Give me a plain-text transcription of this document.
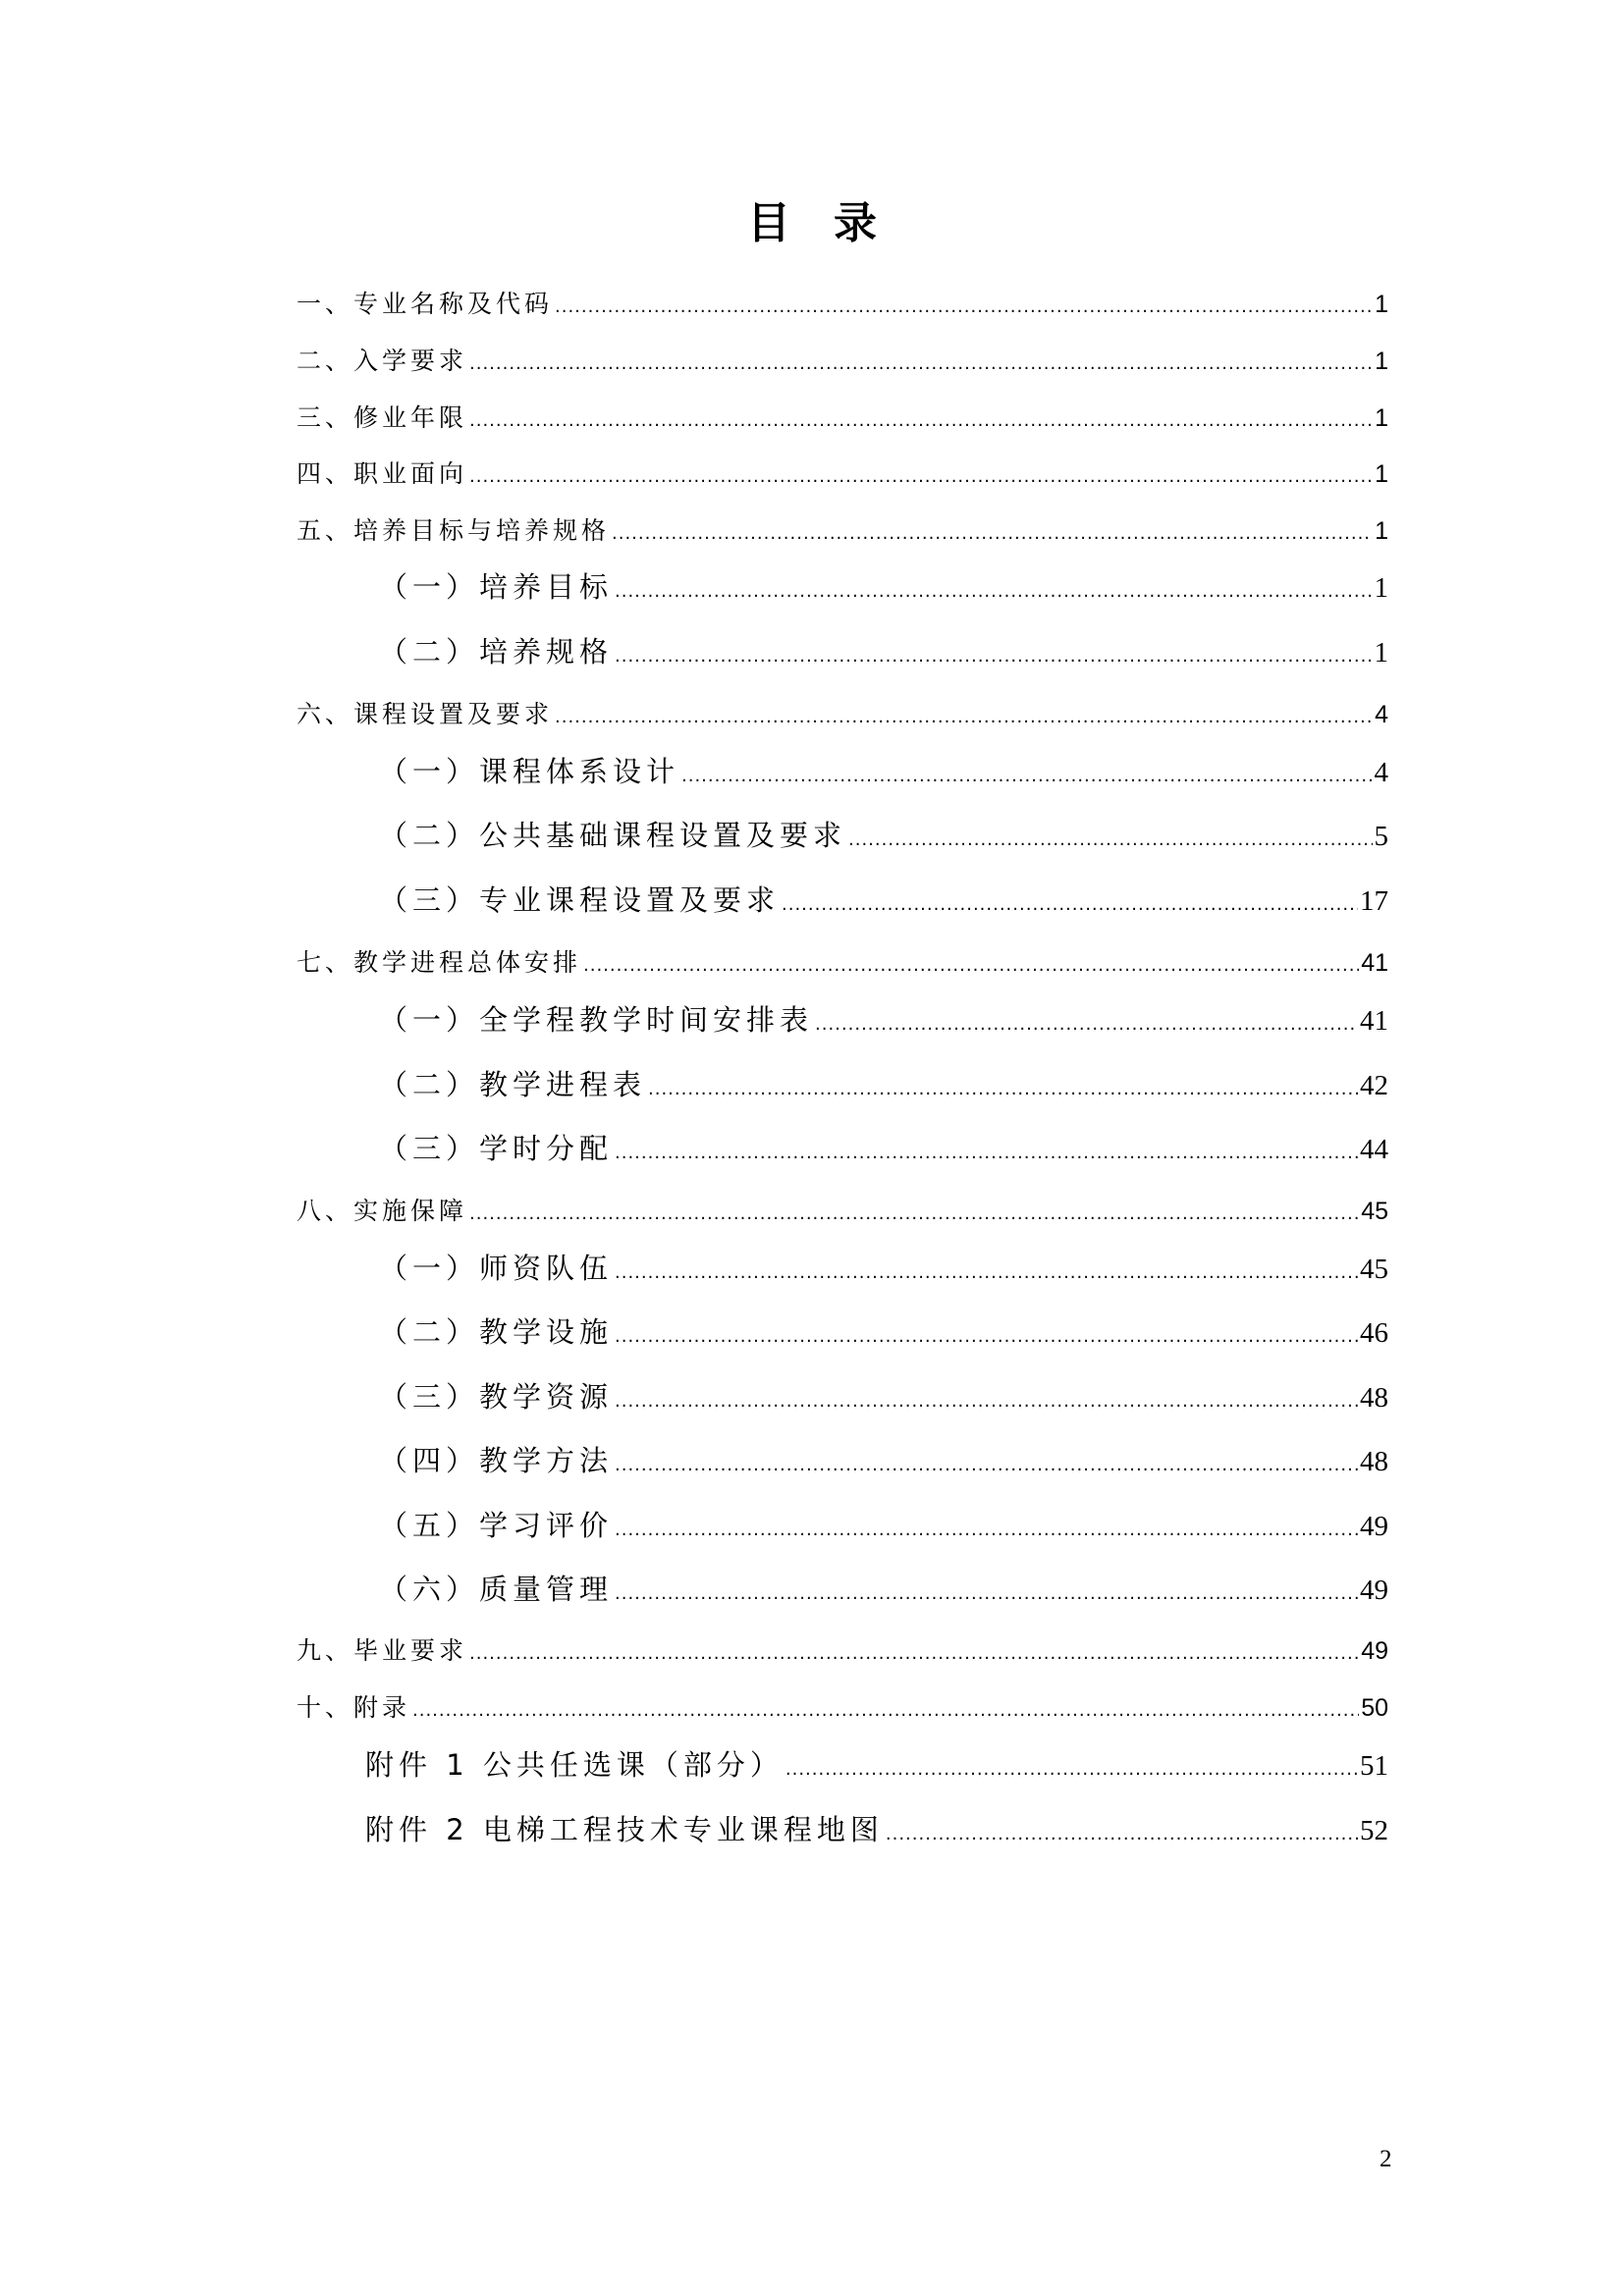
目录
一、专业名称及代码 .....	1
二、入学要求 .....	1
三、修业年限 .....	1
四、职业面向 .....	1
五、培养目标与培养规格 .....	1
（一）培养目标 .....	1
（二）培养规格 .....	1
六、课程设置及要求 .....	4
（一）课程体系设计 .....	4
（二）公共基础课程设置及要求 .....	5
（三）专业课程设置及要求 .....	17
七、教学进程总体安排 .....	41
（一）全学程教学时间安排表 .....	41
（二）教学进程表 .....	42
（三）学时分配 .....	44
八、实施保障 .....	45
（一）师资队伍 .....	45
（二）教学设施 .....	46
（三）教学资源 .....	48
（四）教学方法 .....	48
（五）学习评价 .....	49
（六）质量管理 .....	49
九、毕业要求 .....	49
十、附录 .....	50
附件 1 公共任选课（部分） .....	51
附件 2 电梯工程技术专业课程地图 .....	52
2
